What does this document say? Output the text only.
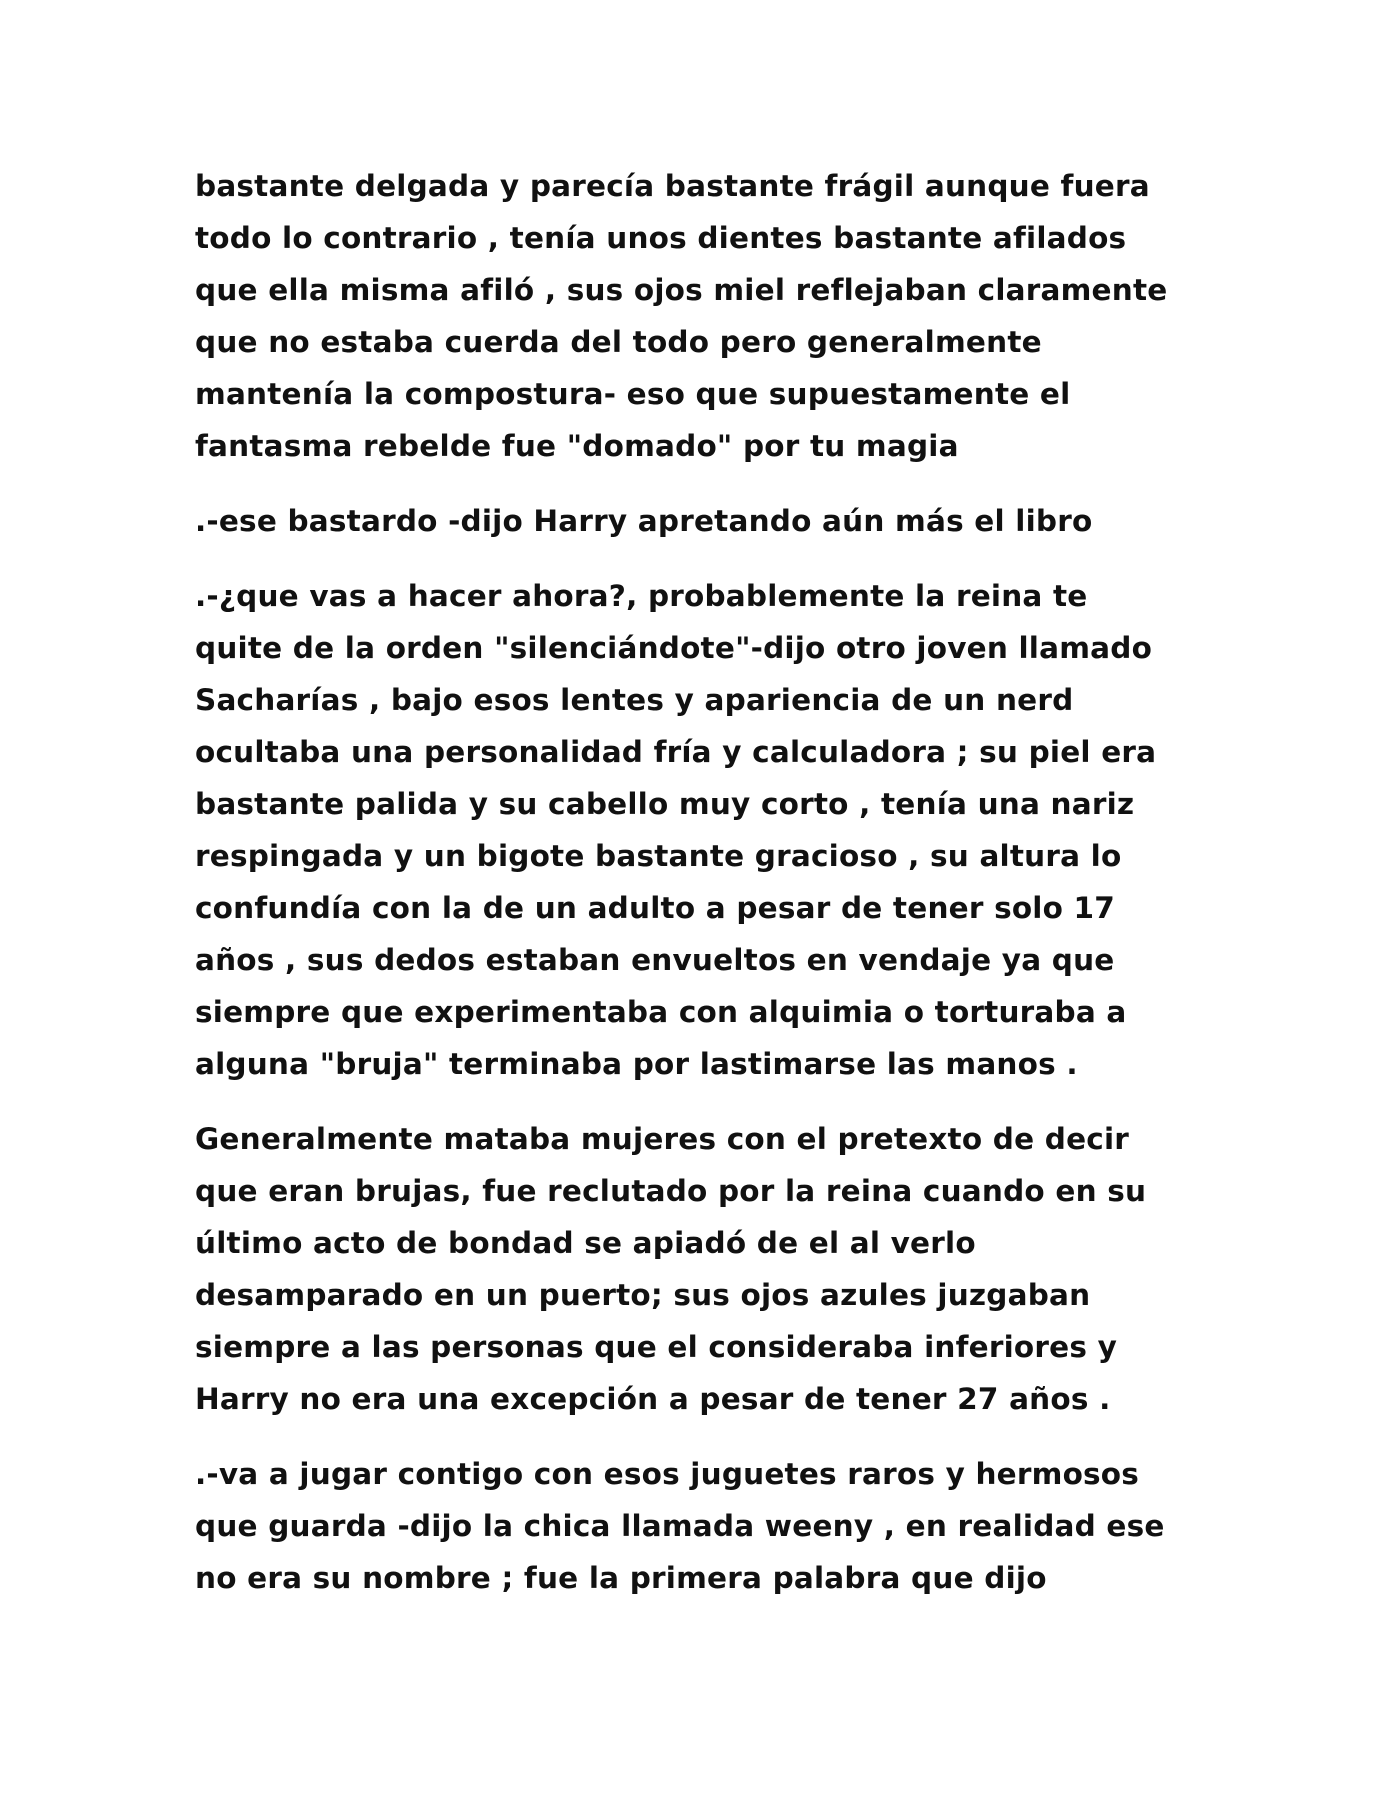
bastante delgada y parecía bastante frágil aunque fuera
todo lo contrario , tenía unos dientes bastante afilados
que ella misma afiló , sus ojos miel reflejaban claramente
que no estaba cuerda del todo pero generalmente
mantenía la compostura- eso que supuestamente el
fantasma rebelde fue "domado" por tu magia

.-ese bastardo -dijo Harry apretando aún más el libro

.-¿que vas a hacer ahora?, probablemente la reina te
quite de la orden "silenciándote"-dijo otro joven llamado
Sacharías , bajo esos lentes y apariencia de un nerd
ocultaba una personalidad fría y calculadora ; su piel era
bastante palida y su cabello muy corto , tenía una nariz
respingada y un bigote bastante gracioso , su altura lo
confundía con la de un adulto a pesar de tener solo 17
años , sus dedos estaban envueltos en vendaje ya que
siempre que experimentaba con alquimia o torturaba a
alguna "bruja" terminaba por lastimarse las manos .

Generalmente mataba mujeres con el pretexto de decir
que eran brujas, fue reclutado por la reina cuando en su
último acto de bondad se apiadó de el al verlo
desamparado en un puerto; sus ojos azules juzgaban
siempre a las personas que el consideraba inferiores y
Harry no era una excepción a pesar de tener 27 años .

.-va a jugar contigo con esos juguetes raros y hermosos
que guarda -dijo la chica llamada weeny , en realidad ese
no era su nombre ; fue la primera palabra que dijo
